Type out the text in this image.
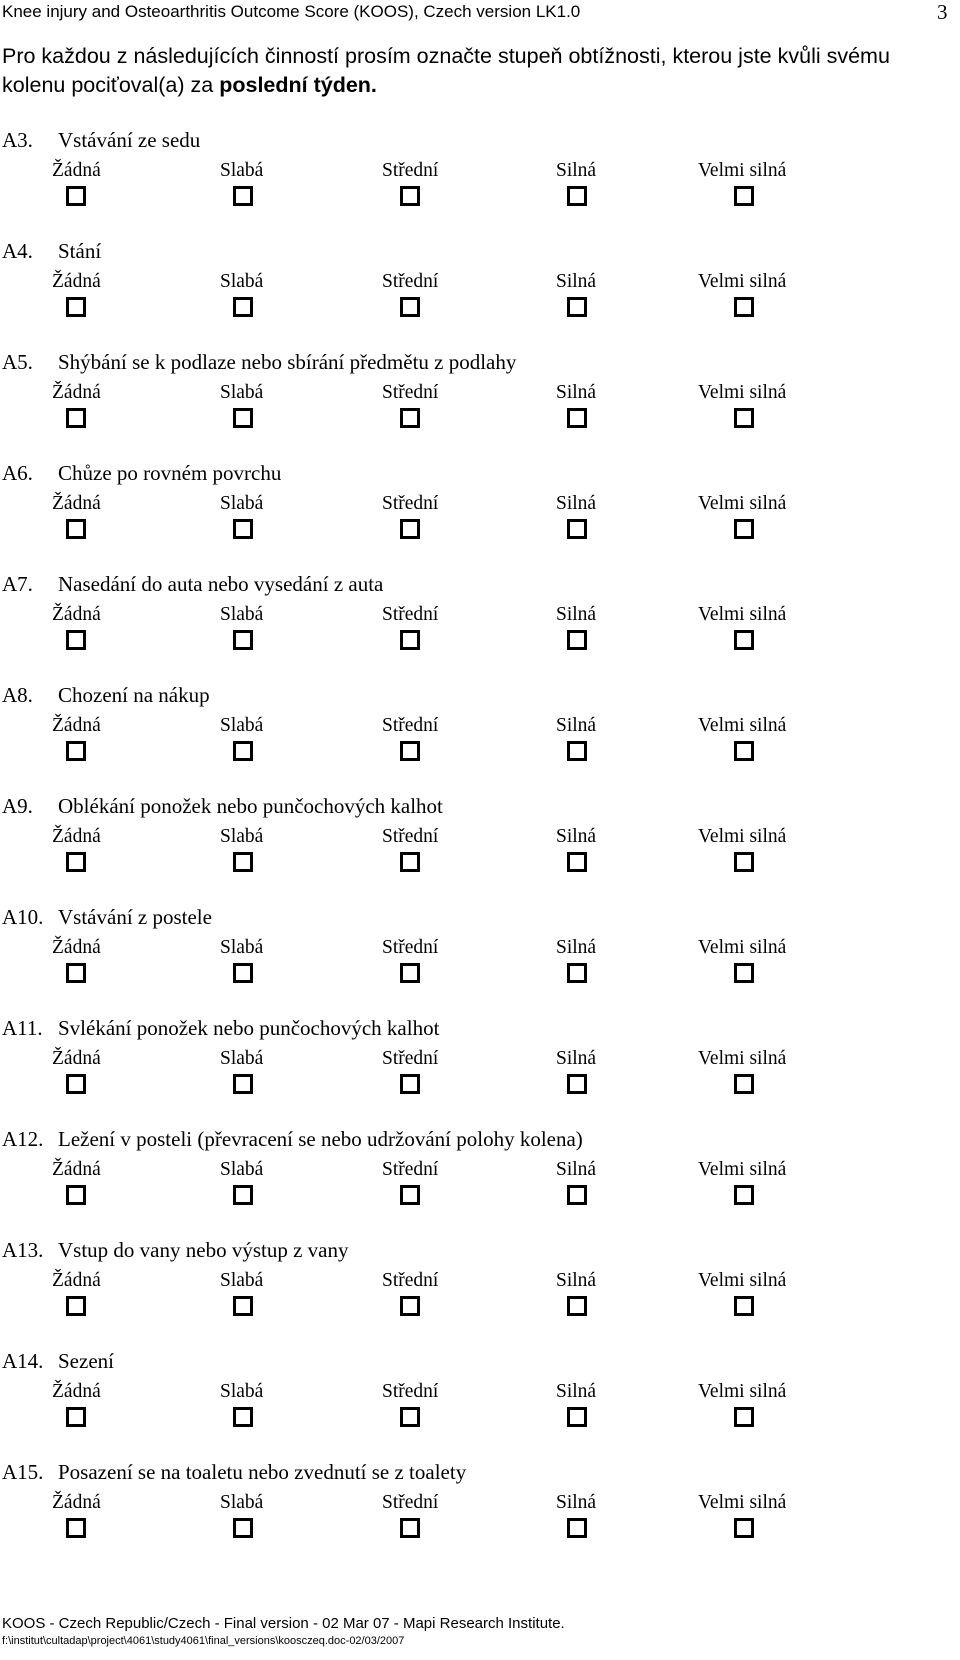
Knee injury and Osteoarthritis Outcome Score (KOOS), Czech version LK1.0	3
Pro každou z následujících činností prosím označte stupeň obtížnosti, kterou jste kvůli svému kolenu pociťoval(a) za poslední týden.
A3. Vstávání ze sedu
Žádná	Slabá	Střední	Silná	Velmi silná
A4. Stání
Žádná	Slabá	Střední	Silná	Velmi silná
A5. Shýbání se k podlaze nebo sbírání předmětu z podlahy
Žádná	Slabá	Střední	Silná	Velmi silná
A6. Chůze po rovném povrchu
Žádná	Slabá	Střední	Silná	Velmi silná
A7. Nasedání do auta nebo vysedání z auta
Žádná	Slabá	Střední	Silná	Velmi silná
A8. Chození na nákup
Žádná	Slabá	Střední	Silná	Velmi silná
A9. Oblékání ponožek nebo punčochových kalhot
Žádná	Slabá	Střední	Silná	Velmi silná
A10. Vstávání z postele
Žádná	Slabá	Střední	Silná	Velmi silná
A11. Svlékání ponožek nebo punčochových kalhot
Žádná	Slabá	Střední	Silná	Velmi silná
A12. Ležení v posteli (převracení se nebo udržování polohy kolena)
Žádná	Slabá	Střední	Silná	Velmi silná
A13. Vstup do vany nebo výstup z vany
Žádná	Slabá	Střední	Silná	Velmi silná
A14. Sezení
Žádná	Slabá	Střední	Silná	Velmi silná
A15. Posazení se na toaletu nebo zvednutí se z toalety
Žádná	Slabá	Střední	Silná	Velmi silná
KOOS - Czech Republic/Czech - Final version - 02 Mar 07 - Mapi Research Institute.
f:\institut\cultadap\project\4061\study4061\final_versions\koosczeq.doc-02/03/2007
